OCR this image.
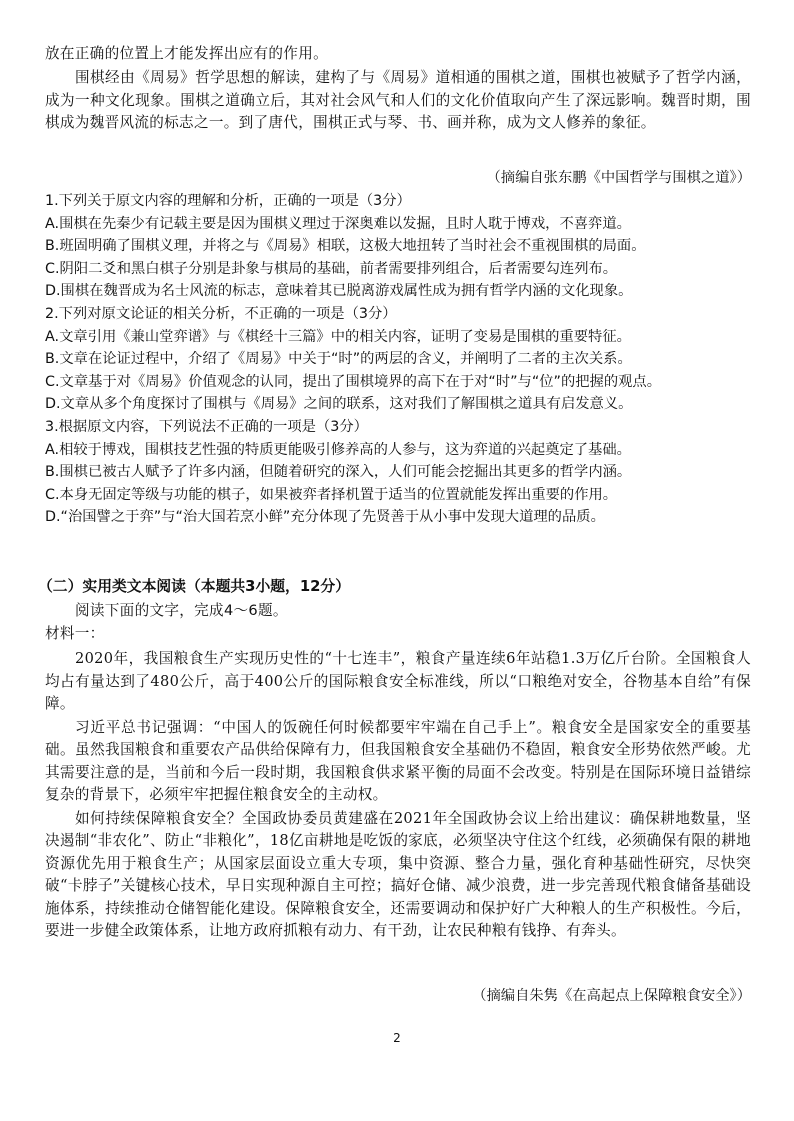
放在正确的位置上才能发挥出应有的作用。

围棋经由《周易》哲学思想的解读，建构了与《周易》道相通的围棋之道，围棋也被赋予了哲学内涵，成为一种文化现象。围棋之道确立后，其对社会风气和人们的文化价值取向产生了深远影响。魏晋时期，围棋成为魏晋风流的标志之一。到了唐代，围棋正式与琴、书、画并称，成为文人修养的象征。

（摘编自张东鹏《中国哲学与围棋之道》）

1.下列关于原文内容的理解和分析，正确的一项是（3分）

A.围棋在先秦少有记载主要是因为围棋义理过于深奥难以发掘，且时人耽于博戏，不喜弈道。

B.班固明确了围棋义理，并将之与《周易》相联，这极大地扭转了当时社会不重视围棋的局面。

C.阴阳二爻和黑白棋子分别是卦象与棋局的基础，前者需要排列组合，后者需要勾连列布。

D.围棋在魏晋成为名士风流的标志，意味着其已脱离游戏属性成为拥有哲学内涵的文化现象。

2.下列对原文论证的相关分析，不正确的一项是（3分）

A.文章引用《兼山堂弈谱》与《棋经十三篇》中的相关内容，证明了变易是围棋的重要特征。

B.文章在论证过程中，介绍了《周易》中关于“时”的两层的含义，并阐明了二者的主次关系。

C.文章基于对《周易》价值观念的认同，提出了围棋境界的高下在于对“时”与“位”的把握的观点。

D.文章从多个角度探讨了围棋与《周易》之间的联系，这对我们了解围棋之道具有启发意义。

3.根据原文内容，下列说法不正确的一项是（3分）

A.相较于博戏，围棋技艺性强的特质更能吸引修养高的人参与，这为弈道的兴起奠定了基础。

B.围棋已被古人赋予了许多内涵，但随着研究的深入，人们可能会挖掘出其更多的哲学内涵。

C.本身无固定等级与功能的棋子，如果被弈者择机置于适当的位置就能发挥出重要的作用。

D.“治国譬之于弈”与“治大国若烹小鲜”充分体现了先贤善于从小事中发现大道理的品质。

（二）实用类文本阅读（本题共3小题，12分）

阅读下面的文字，完成4～6题。

材料一：

2020年，我国粮食生产实现历史性的“十七连丰”，粮食产量连续6年站稳1.3万亿斤台阶。全国粮食人均占有量达到了480公斤，高于400公斤的国际粮食安全标准线，所以“口粮绝对安全，谷物基本自给”有保障。

习近平总书记强调：“中国人的饭碗任何时候都要牢牢端在自己手上”。粮食安全是国家安全的重要基础。虽然我国粮食和重要农产品供给保障有力，但我国粮食安全基础仍不稳固，粮食安全形势依然严峻。尤其需要注意的是，当前和今后一段时期，我国粮食供求紧平衡的局面不会改变。特别是在国际环境日益错综复杂的背景下，必须牢牢把握住粮食安全的主动权。

如何持续保障粮食安全？全国政协委员黄建盛在2021年全国政协会议上给出建议：确保耕地数量，坚决遏制“非农化”、防止“非粮化”，18亿亩耕地是吃饭的家底，必须坚决守住这个红线，必须确保有限的耕地资源优先用于粮食生产；从国家层面设立重大专项，集中资源、整合力量，强化育种基础性研究，尽快突破“卡脖子”关键核心技术，早日实现种源自主可控；搞好仓储、减少浪费，进一步完善现代粮食储备基础设施体系，持续推动仓储智能化建设。保障粮食安全，还需要调动和保护好广大种粮人的生产积极性。今后，要进一步健全政策体系，让地方政府抓粮有动力、有干劲，让农民种粮有钱挣、有奔头。

（摘编自朱隽《在高起点上保障粮食安全》）

2
